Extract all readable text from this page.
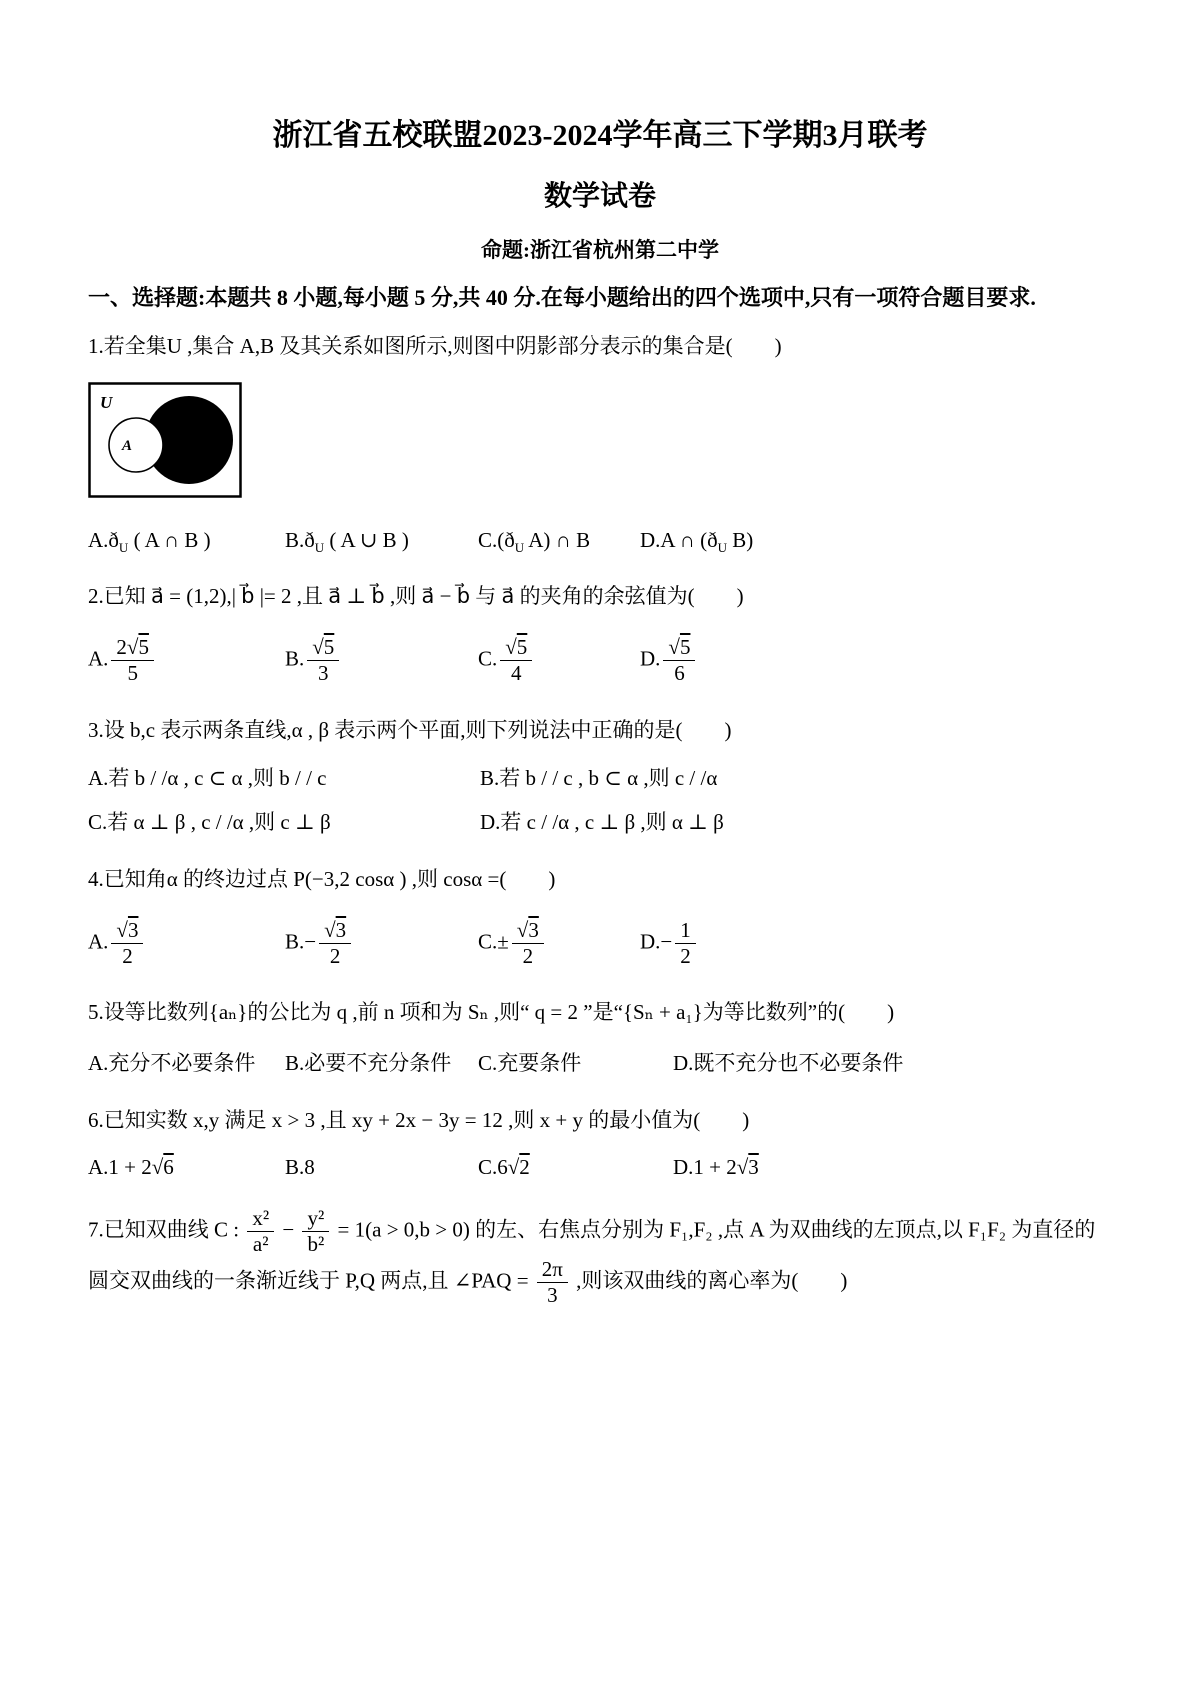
浙江省五校联盟2023-2024学年高三下学期3月联考
数学试卷
命题:浙江省杭州第二中学
一、选择题:本题共 8 小题,每小题 5 分,共 40 分.在每小题给出的四个选项中,只有一项符合题目要求.
1.若全集U ,集合 A,B 及其关系如图所示,则图中阴影部分表示的集合是(　　)
U
A
$A.ð_U$ ( A ∩ B )	$B.ð_U$ ( A ∪ B )	$C.(ð_U$ A) ∩ B	D.A ∩ ($ð_U$ B)
2.已知 a⃗ = (1,2),| b⃗ |= 2 ,且 a⃗ ⊥ b⃗ ,则 a⃗ − b⃗ 与 a⃗ 的夹角的余弦值为(　　)
A. $\frac{2√5}{5}$	B. $\frac{√5}{3}$	C. $\frac{√5}{4}$	D. $\frac{√5}{6}$
3.设 b,c 表示两条直线,α , β 表示两个平面,则下列说法中正确的是(　　)
A.若 b / /α , c ⊂ α ,则 b / / c	B.若 b / / c , b ⊂ α ,则 c / /α
C.若 α ⊥ β , c / /α ,则 c ⊥ β	D.若 c / /α , c ⊥ β ,则 α ⊥ β
4.已知角α 的终边过点 P(−3,2 cosα ) ,则 cosα =(　　)
A. $\frac{√3}{2}$	$B.- \frac{√3}{2}$	$C.\pm \frac{√3}{2}$	$D.- \frac{1}{2}$
5.设等比数列{aₙ}的公比为 q ,前 n 项和为 Sₙ ,则“ q = 2 ”是“{Sₙ + a₁}为等比数列”的(　　)
A.充分不必要条件	B.必要不充分条件	C.充要条件	D.既不充分也不必要条件
6.已知实数 x,y 满足 x > 3 ,且 xy + 2x − 3y = 12 ,则 x + y 的最小值为(　　)
A.1 + 2√6	B.8	C.6√2	D.1 + 2√3
7.已知双曲线 C : $\frac{\text{x²}}{\text{a²}} - \frac{\text{y²}}{\text{b²}} = 1(a > 0,b > 0)$ 的左、右焦点分别为 F₁,F₂ ,点 A 为双曲线的左顶点,以 F₁F₂ 为直径的圆交双曲线的一条渐近线于 P,Q 两点,且 ∠PAQ = $\frac{2\pi}{3}$ ,则该双曲线的离心率为(　　)
